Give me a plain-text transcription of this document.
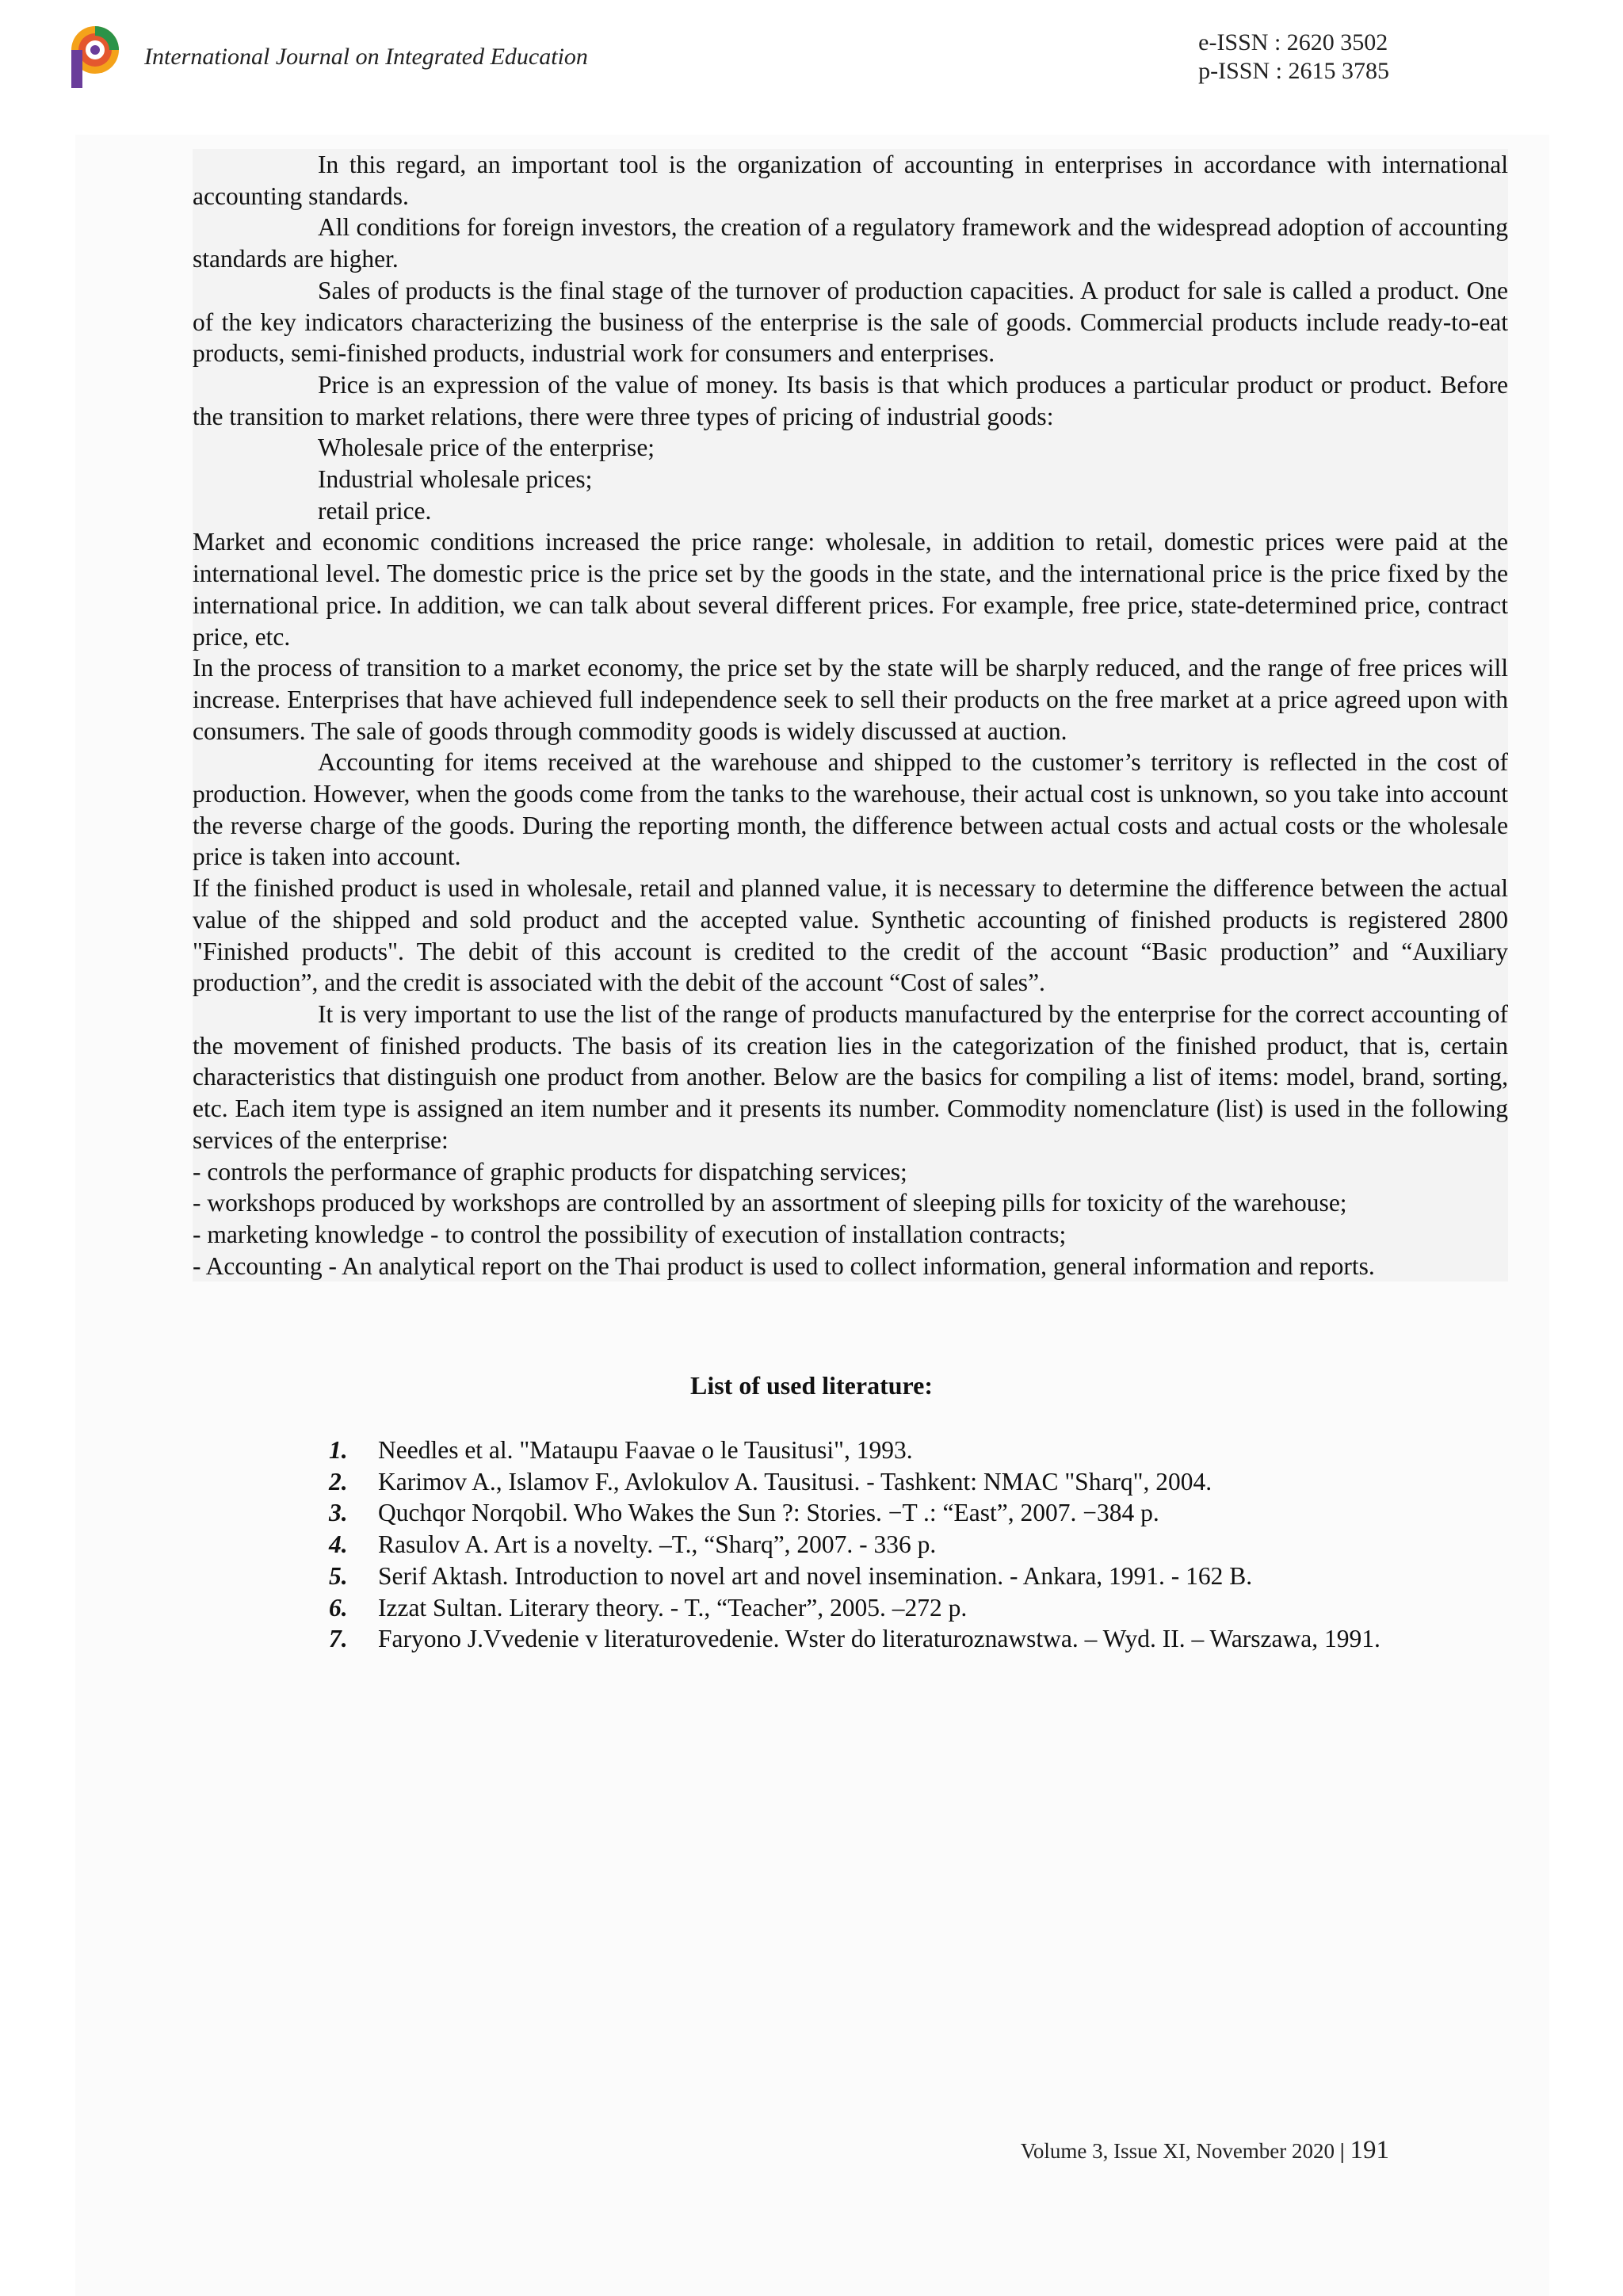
International Journal on Integrated Education
e-ISSN : 2620 3502
p-ISSN : 2615 3785

In this regard, an important tool is the organization of accounting in enterprises in accordance with international accounting standards.

All conditions for foreign investors, the creation of a regulatory framework and the widespread adoption of accounting standards are higher.

Sales of products is the final stage of the turnover of production capacities. A product for sale is called a product. One of the key indicators characterizing the business of the enterprise is the sale of goods. Commercial products include ready-to-eat products, semi-finished products, industrial work for consumers and enterprises.

Price is an expression of the value of money. Its basis is that which produces a particular product or product. Before the transition to market relations, there were three types of pricing of industrial goods:

Wholesale price of the enterprise;

Industrial wholesale prices;

retail price.

Market and economic conditions increased the price range: wholesale, in addition to retail, domestic prices were paid at the international level. The domestic price is the price set by the goods in the state, and the international price is the price fixed by the international price. In addition, we can talk about several different prices. For example, free price, state-determined price, contract price, etc.

In the process of transition to a market economy, the price set by the state will be sharply reduced, and the range of free prices will increase. Enterprises that have achieved full independence seek to sell their products on the free market at a price agreed upon with consumers. The sale of goods through commodity goods is widely discussed at auction.

Accounting for items received at the warehouse and shipped to the customer’s territory is reflected in the cost of production. However, when the goods come from the tanks to the warehouse, their actual cost is unknown, so you take into account the reverse charge of the goods. During the reporting month, the difference between actual costs and actual costs or the wholesale price is taken into account.

If the finished product is used in wholesale, retail and planned value, it is necessary to determine the difference between the actual value of the shipped and sold product and the accepted value. Synthetic accounting of finished products is registered 2800 "Finished products". The debit of this account is credited to the credit of the account “Basic production” and “Auxiliary production”, and the credit is associated with the debit of the account “Cost of sales”.

It is very important to use the list of the range of products manufactured by the enterprise for the correct accounting of the movement of finished products. The basis of its creation lies in the categorization of the finished product, that is, certain characteristics that distinguish one product from another. Below are the basics for compiling a list of items: model, brand, sorting, etc. Each item type is assigned an item number and it presents its number. Commodity nomenclature (list) is used in the following services of the enterprise:

- controls the performance of graphic products for dispatching services;

- workshops produced by workshops are controlled by an assortment of sleeping pills for toxicity of the warehouse;

- marketing knowledge - to control the possibility of execution of installation contracts;

- Accounting - An analytical report on the Thai product is used to collect information, general information and reports.

List of used literature:
1.	Needles et al. "Mataupu Faavae o le Tausitusi", 1993.
2.	Karimov A., Islamov F., Avlokulov A. Tausitusi. - Tashkent: NMAC "Sharq", 2004.
3.	Quchqor Norqobil. Who Wakes the Sun ?: Stories. −T .: “East”, 2007. −384 p.
4.	Rasulov A. Art is a novelty. –T., “Sharq”, 2007. - 336 p.
5.	Serif Aktash. Introduction to novel art and novel insemination. - Ankara, 1991. - 162 B.
6.	Izzat Sultan. Literary theory. - T., “Teacher”, 2005. –272 p.
7.	Faryono J.Vvedenie v literaturovedenie. Wster do literaturoznawstwa. – Wyd. II. – Warszawa, 1991.
Volume 3, Issue XI, November 2020 | 191
